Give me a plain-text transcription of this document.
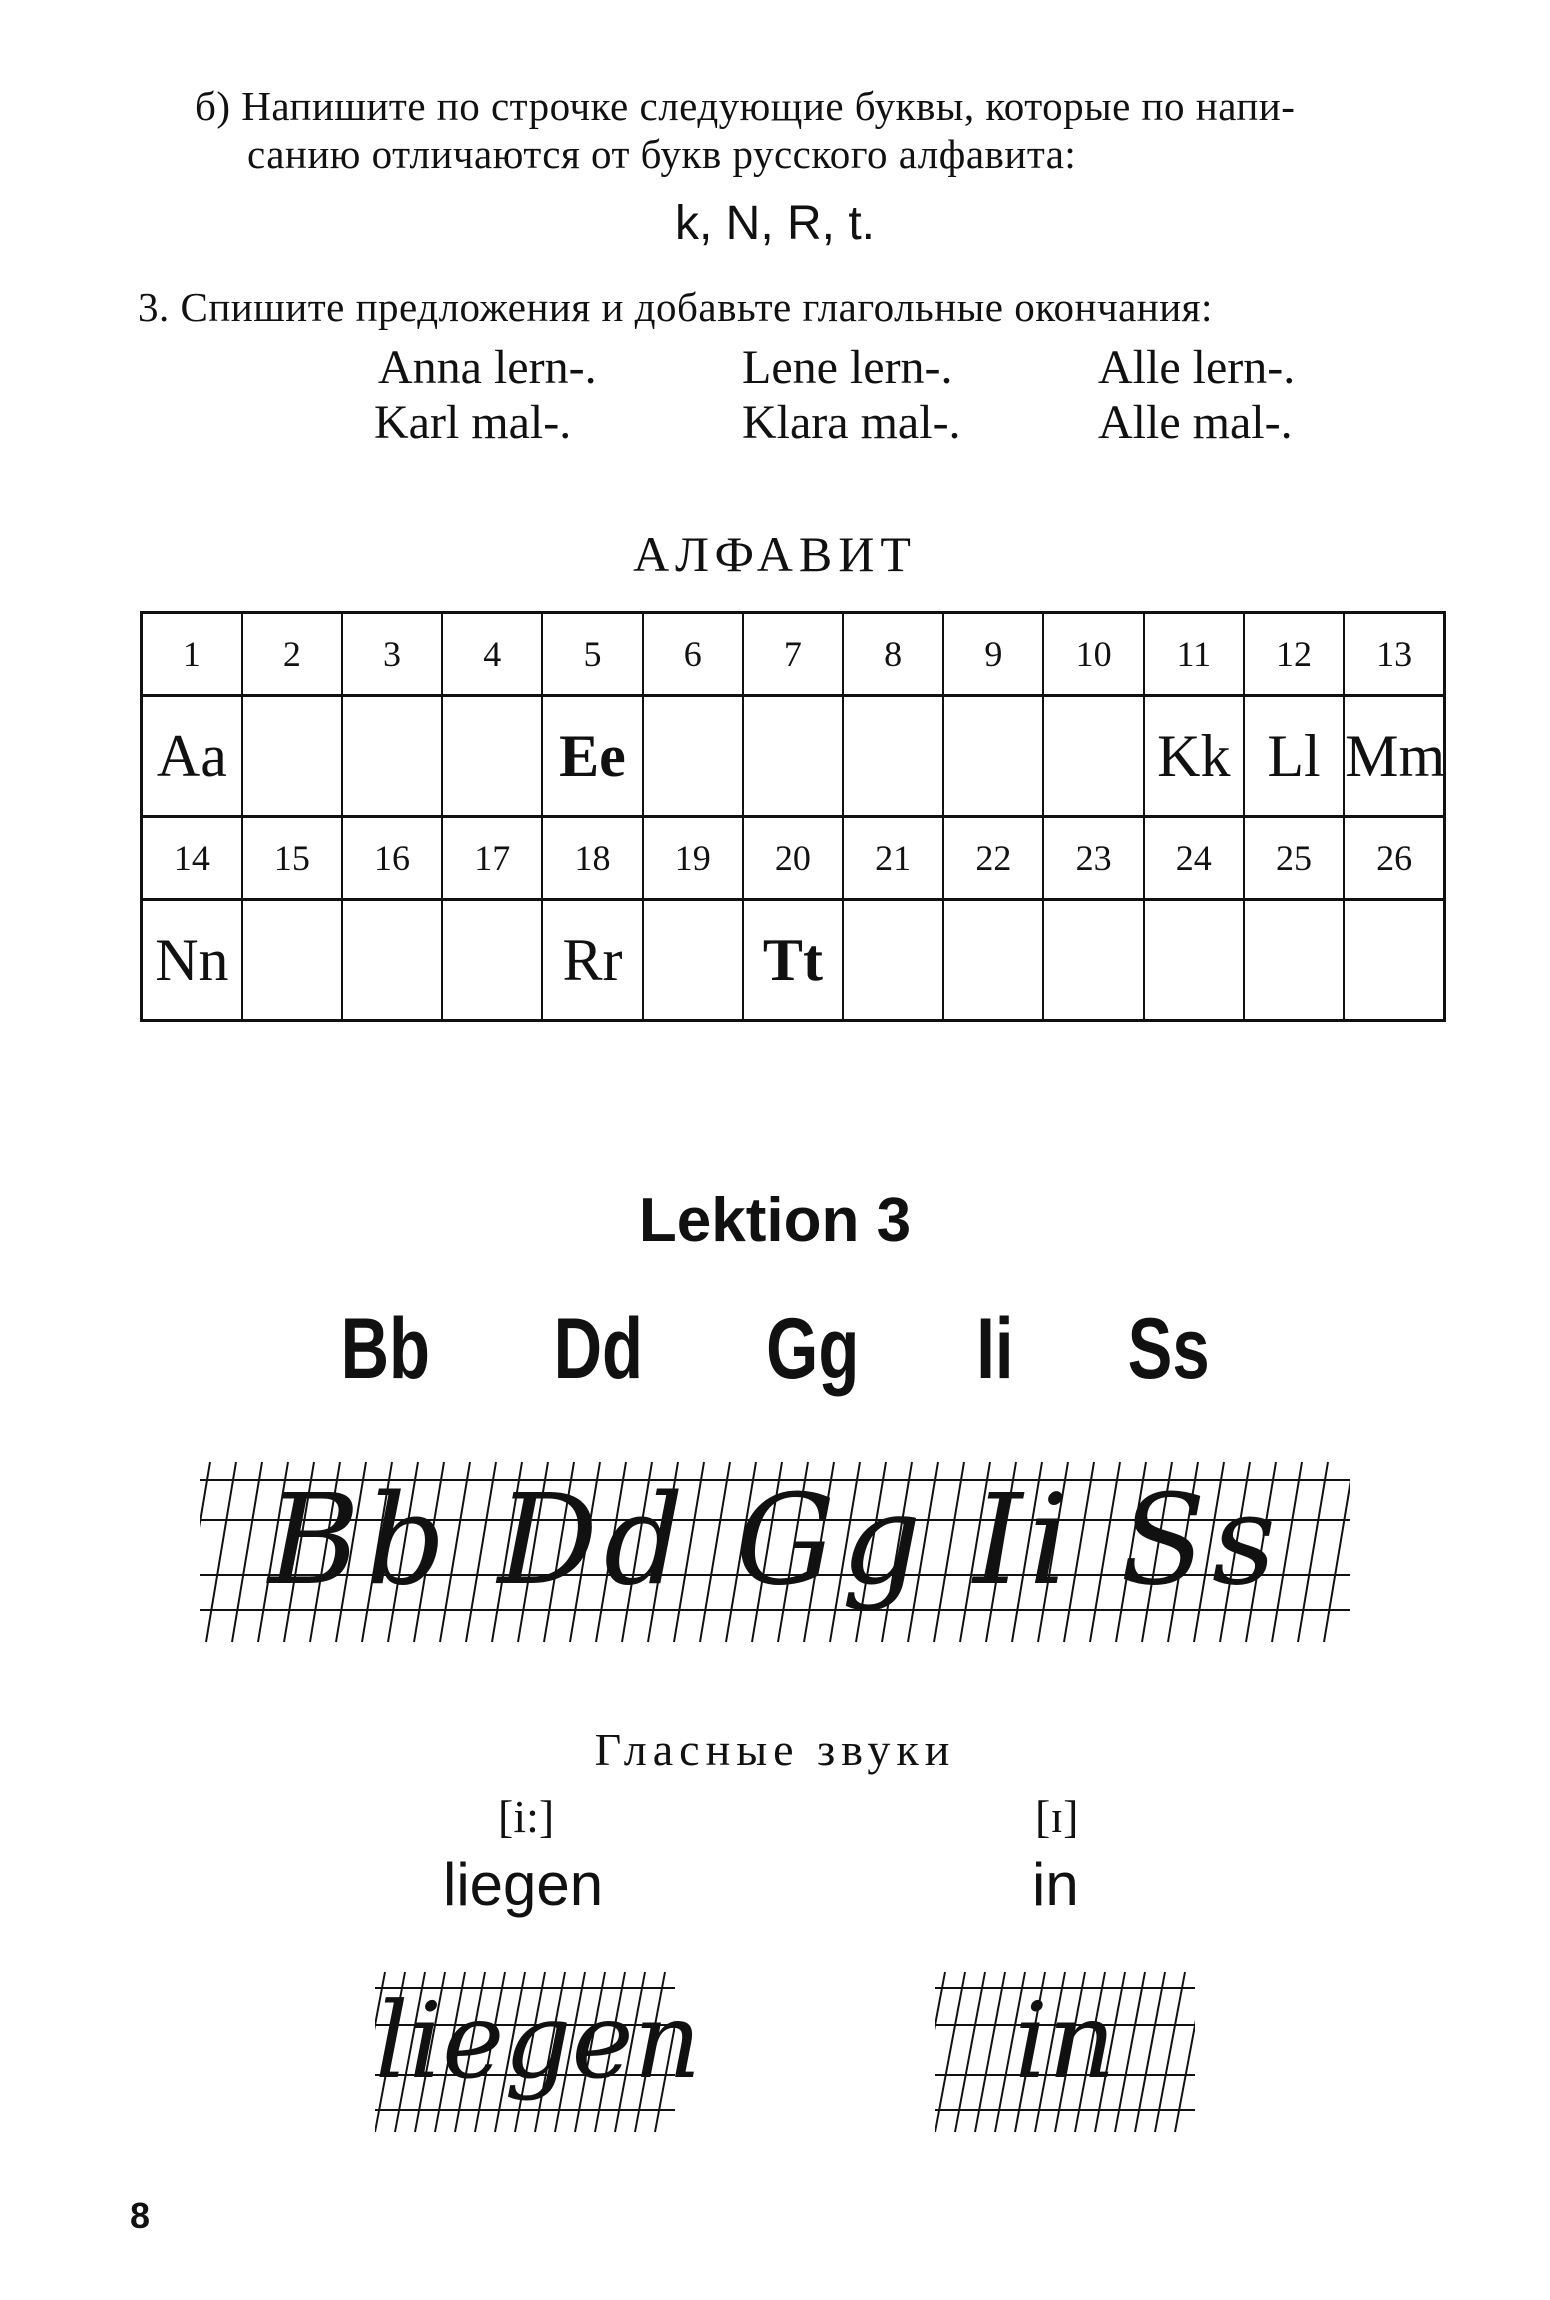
б) Напишите по строчке следующие буквы, которые по напи-
санию отличаются от букв русского алфавита:
k, N, R, t.
3. Спишите предложения и добавьте глагольные окончания:
Anna lern-.	Lene lern-.	Alle lern-.
Karl mal-.	Klara mal-.	Alle mal-.
АЛФАВИТ
1	2	3	4	5	6	7	8	9	10	11	12	13
Aa				Ee						Kk	Ll	Mm
14	15	16	17	18	19	20	21	22	23	24	25	26
Nn				Rr		Tt						
Lektion 3
Bb Dd Gg Ii Ss
Bb Dd Gg Ii Ss
Гласные звуки
[i:]	[ɪ]
liegen	in
liegen	in
8
